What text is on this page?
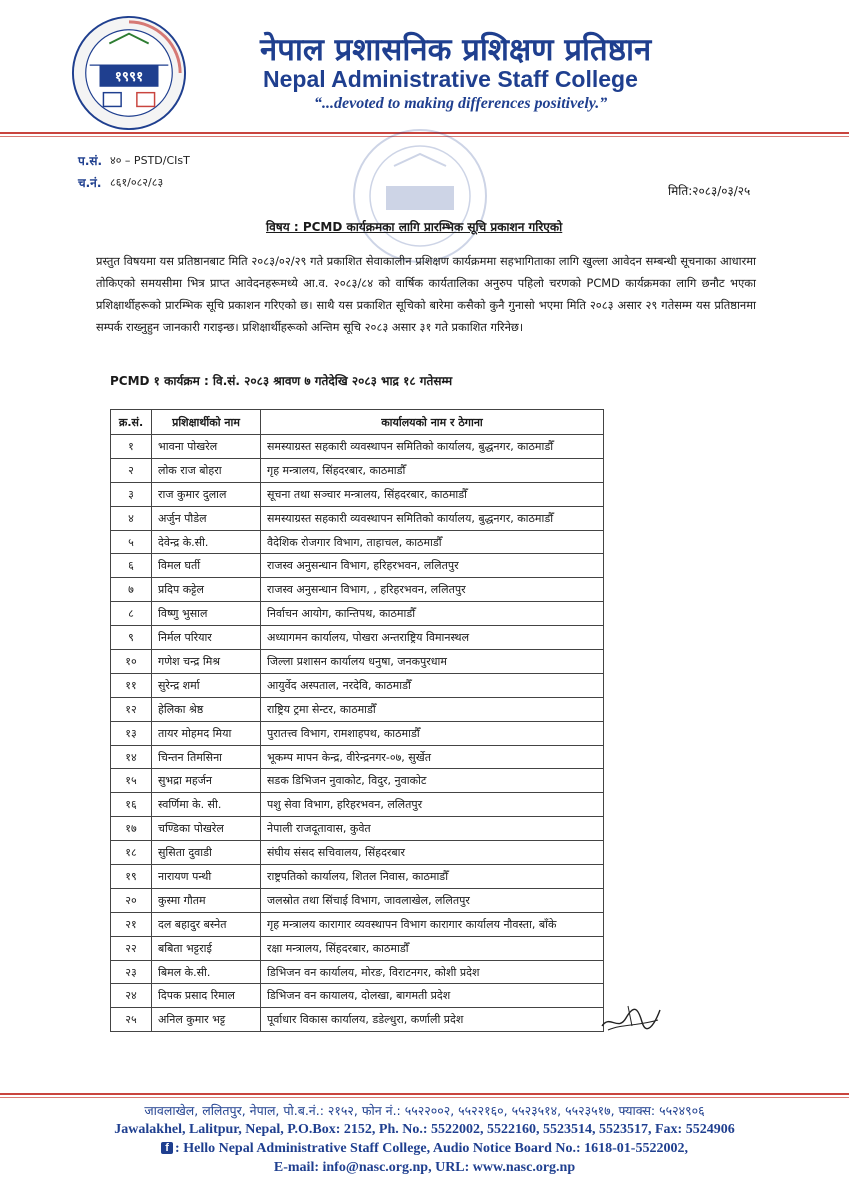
१९९१
नेपाल प्रशासनिक प्रशिक्षण प्रतिष्ठान
Nepal Administrative Staff College
“...devoted to making differences positively.”
प.सं. ४० – PSTD/CIsT
च.नं. ८६१/०८२/८३
मिति:२०८३/०३/२५
विषय : PCMD कार्यक्रमका लागि प्रारम्भिक सूचि प्रकाशन गरिएको
प्रस्तुत विषयमा यस प्रतिष्ठानबाट मिति २०८३/०२/२९ गते प्रकाशित सेवाकालीन प्रशिक्षण कार्यक्रममा सहभागिताका लागि खुल्ला आवेदन सम्बन्धी सूचनाका आधारमा तोकिएको समयसीमा भित्र प्राप्त आवेदनहरूमध्ये आ.व. २०८३/८४ को वार्षिक कार्यतालिका अनुरुप पहिलो चरणको PCMD कार्यक्रमका लागि छनौट भएका प्रशिक्षार्थीहरूको प्रारम्भिक सूचि प्रकाशन गरिएको छ। साथै यस प्रकाशित सूचिको बारेमा कसैको कुनै गुनासो भएमा मिति २०८३ असार २९ गतेसम्म यस प्रतिष्ठानमा सम्पर्क राख्नुहुन जानकारी गराइन्छ। प्रशिक्षार्थीहरूको अन्तिम सूचि २०८३ असार ३१ गते प्रकाशित गरिनेछ।
PCMD १ कार्यक्रम : वि.सं. २०८३ श्रावण ७ गतेदेखि २०८३ भाद्र १८ गतेसम्म
क्र.सं.	प्रशिक्षार्थीको नाम	कार्यालयको नाम र ठेगाना
१	भावना पोखरेल	समस्याग्रस्त सहकारी व्यवस्थापन समितिको कार्यालय, बुद्धनगर, काठमाडौँ
२	लोक राज बोहरा	गृह मन्त्रालय, सिंहदरबार, काठमाडौँ
३	राज कुमार दुलाल	सूचना तथा सञ्चार मन्त्रालय, सिंहदरबार, काठमाडौँ
४	अर्जुन पौडेल	समस्याग्रस्त सहकारी व्यवस्थापन समितिको कार्यालय, बुद्धनगर, काठमाडौँ
५	देवेन्द्र के.सी.	वैदेशिक रोजगार विभाग, ताहाचल, काठमाडौँ
६	विमल घर्ती	राजस्व अनुसन्धान विभाग, हरिहरभवन, ललितपुर
७	प्रदिप कट्टेल	राजस्व अनुसन्धान विभाग, , हरिहरभवन, ललितपुर
८	विष्णु भुसाल	निर्वाचन आयोग, कान्तिपथ, काठमाडौँ
९	निर्मल परियार	अध्यागमन कार्यालय, पोखरा अन्तराष्ट्रिय विमानस्थल
१०	गणेश चन्द्र मिश्र	जिल्ला प्रशासन कार्यालय धनुषा, जनकपुरधाम
११	सुरेन्द्र शर्मा	आयुर्वेद अस्पताल, नरदेवि, काठमाडौँ
१२	हेलिका श्रेष्ठ	राष्ट्रिय ट्रमा सेन्टर, काठमाडौँ
१३	तायर मोहमद मिया	पुरातत्त्व विभाग, रामशाहपथ, काठमाडौँ
१४	चिन्तन तिमसिना	भूकम्प मापन केन्द्र, वीरेन्द्रनगर-०७, सुर्खेत
१५	सुभद्रा महर्जन	सडक डिभिजन नुवाकोट, विदुर, नुवाकोट
१६	स्वर्णिमा के. सी.	पशु सेवा विभाग, हरिहरभवन, ललितपुर
१७	चण्डिका पोखरेल	नेपाली राजदूतावास, कुवेत
१८	सुसिता दुवाडी	संघीय संसद सचिवालय, सिंहदरबार
१९	नारायण पन्थी	राष्ट्रपतिको कार्यालय, शितल निवास, काठमाडौँ
२०	कुस्मा गौतम	जलस्रोत तथा सिंचाई विभाग, जावलाखेल, ललितपुर
२१	दल बहादुर बस्नेत	गृह मन्त्रालय कारागार व्यवस्थापन विभाग कारागार कार्यालय नौवस्ता, बाँके
२२	बबिता भट्टराई	रक्षा मन्त्रालय, सिंहदरबार, काठमाडौँ
२३	बिमल के.सी.	डिभिजन वन कार्यालय, मोरङ, विराटनगर, कोशी प्रदेश
२४	दिपक प्रसाद रिमाल	डिभिजन वन कायालय, दोलखा, बागमती प्रदेश
२५	अनिल कुमार भट्ट	पूर्वाधार विकास कार्यालय, डडेल्धुरा, कर्णाली प्रदेश
जावलाखेल, ललितपुर, नेपाल, पो.ब.नं.: २१५२, फोन नं.: ५५२२००२, ५५२२१६०, ५५२३५१४, ५५२३५१७, फ्याक्स: ५५२४९०६
Jawalakhel, Lalitpur, Nepal, P.O.Box: 2152, Ph. No.: 5522002, 5522160, 5523514, 5523517, Fax: 5524906
f : Hello Nepal Administrative Staff College, Audio Notice Board No.: 1618-01-5522002,
E-mail: info@nasc.org.np, URL: www.nasc.org.np
